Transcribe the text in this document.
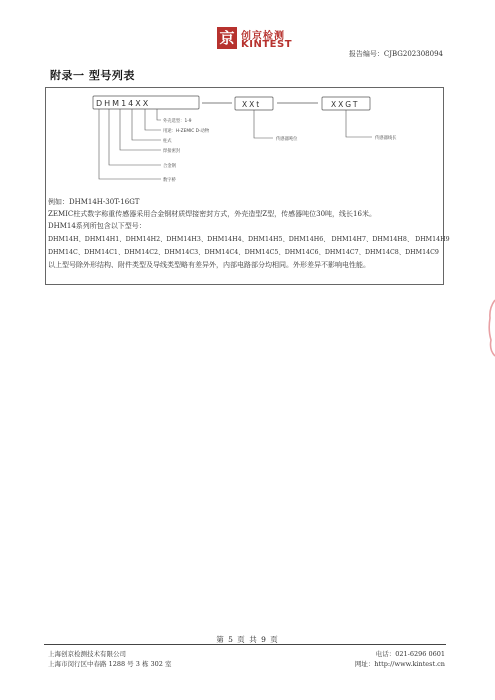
京 创京检测
KINTEST
报告编号：CJBG202308094
附录一 型号列表
DHM14XX	XXt	XXGT
外壳选型：1-9
用途：H-ZEMIC D-动物
柱式
焊接密封
合金钢
数字桥
传感器吨位	传感器线长
例如：DHM14H-30T-16GT
ZEMIC柱式数字称重传感器采用合金钢材质焊接密封方式，外壳造型Z型，传感器吨位30吨，线长16米。
DHM14系列所包含以下型号：
DHM14H、DHM14H1、DHM14H2、DHM14H3、DHM14H4、DHM14H5、DHM14H6、 DHM14H7、DHM14H8、 DHM14H9
DHM14C、DHM14C1、DHM14C2、DHM14C3、DHM14C4、DHM14C5、DHM14C6、DHM14C7、DHM14C8、DHM14C9
以上型号除外形结构、附件类型及导线类型略有差异外，内部电路部分均相同。外形差异不影响电性能。
第 5 页 共 9 页
上海创京检测技术有限公司
上海市闵行区中春路 1288 号 3 栋 302 室
电话：021-6296 0601
网址：http://www.kintest.cn
